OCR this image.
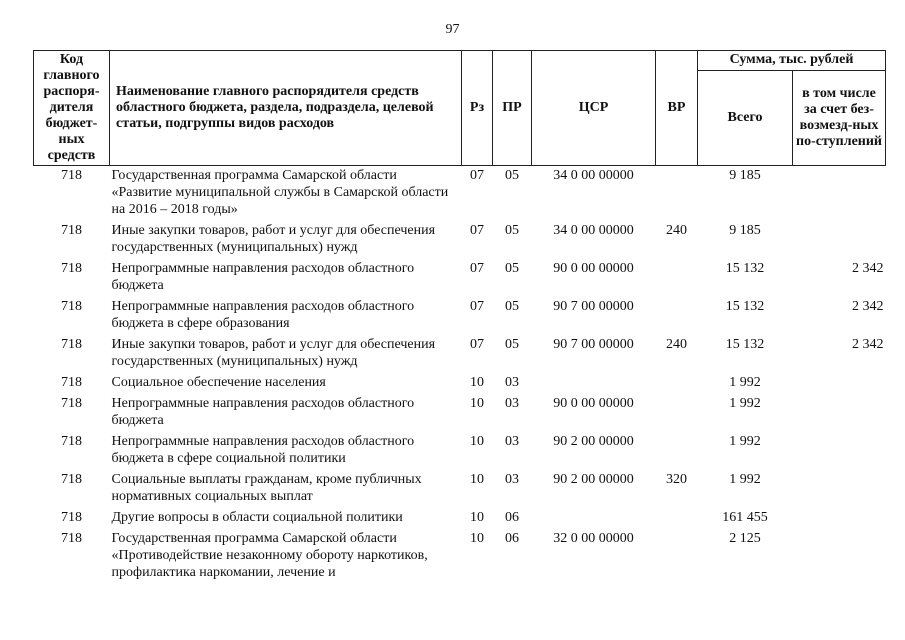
97
Код главного распоря-дителя бюджет-ных средств	Наименование главного распорядителя средств областного бюджета, раздела, подраздела, целевой статьи, подгруппы видов расходов	Рз	ПР	ЦСР	ВР	Сумма, тыс. рублей	
						Всего	в том числе за счет без-возмезд-ных по-ступлений
718	Государственная программа Самарской области «Развитие муниципальной службы в Самарской области на 2016 – 2018 годы»	07	05	34 0 00 00000		9 185	
718	Иные закупки товаров, работ и услуг для обеспечения государственных (муниципальных) нужд	07	05	34 0 00 00000	240	9 185	
718	Непрограммные направления расходов областного бюджета	07	05	90 0 00 00000		15 132	2 342
718	Непрограммные направления расходов областного бюджета в сфере образования	07	05	90 7 00 00000		15 132	2 342
718	Иные закупки товаров, работ и услуг для обеспечения государственных (муниципальных) нужд	07	05	90 7 00 00000	240	15 132	2 342
718	Социальное обеспечение населения	10	03			1 992	
718	Непрограммные направления расходов областного бюджета	10	03	90 0 00 00000		1 992	
718	Непрограммные направления расходов областного бюджета в сфере социальной политики	10	03	90 2 00 00000		1 992	
718	Социальные выплаты гражданам, кроме публичных нормативных социальных выплат	10	03	90 2 00 00000	320	1 992	
718	Другие вопросы в области социальной политики	10	06			161 455	
718	Государственная программа Самарской области «Противодействие незаконному обороту наркотиков, профилактика наркомании, лечение и	10	06	32 0 00 00000		2 125	
